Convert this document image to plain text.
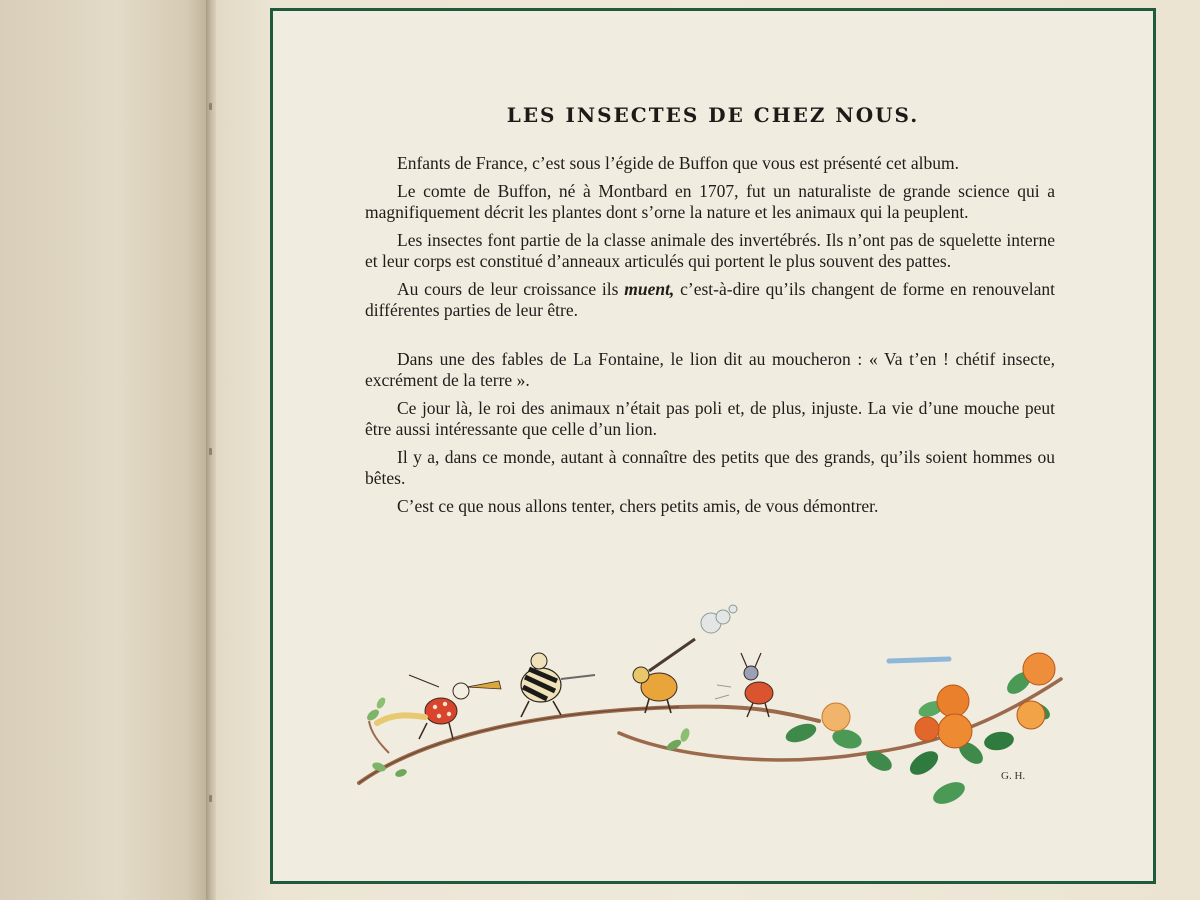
LES INSECTES DE CHEZ NOUS.

Enfants de France, c’est sous l’égide de Buffon que vous est présenté cet album.

Le comte de Buffon, né à Montbard en 1707, fut un naturaliste de grande science qui a magnifiquement décrit les plantes dont s’orne la nature et les animaux qui la peuplent.

Les insectes font partie de la classe animale des invertébrés. Ils n’ont pas de squelette interne et leur corps est constitué d’anneaux articulés qui portent le plus souvent des pattes.

Au cours de leur croissance ils muent, c’est-à-dire qu’ils changent de forme en renouvelant différentes parties de leur être.

Dans une des fables de La Fontaine, le lion dit au moucheron : « Va t’en ! chétif insecte, excrément de la terre ».

Ce jour là, le roi des animaux n’était pas poli et, de plus, injuste. La vie d’une mouche peut être aussi intéressante que celle d’un lion.

Il y a, dans ce monde, autant à connaître des petits que des grands, qu’ils soient hommes ou bêtes.

C’est ce que nous allons tenter, chers petits amis, de vous démontrer.

G. H.
